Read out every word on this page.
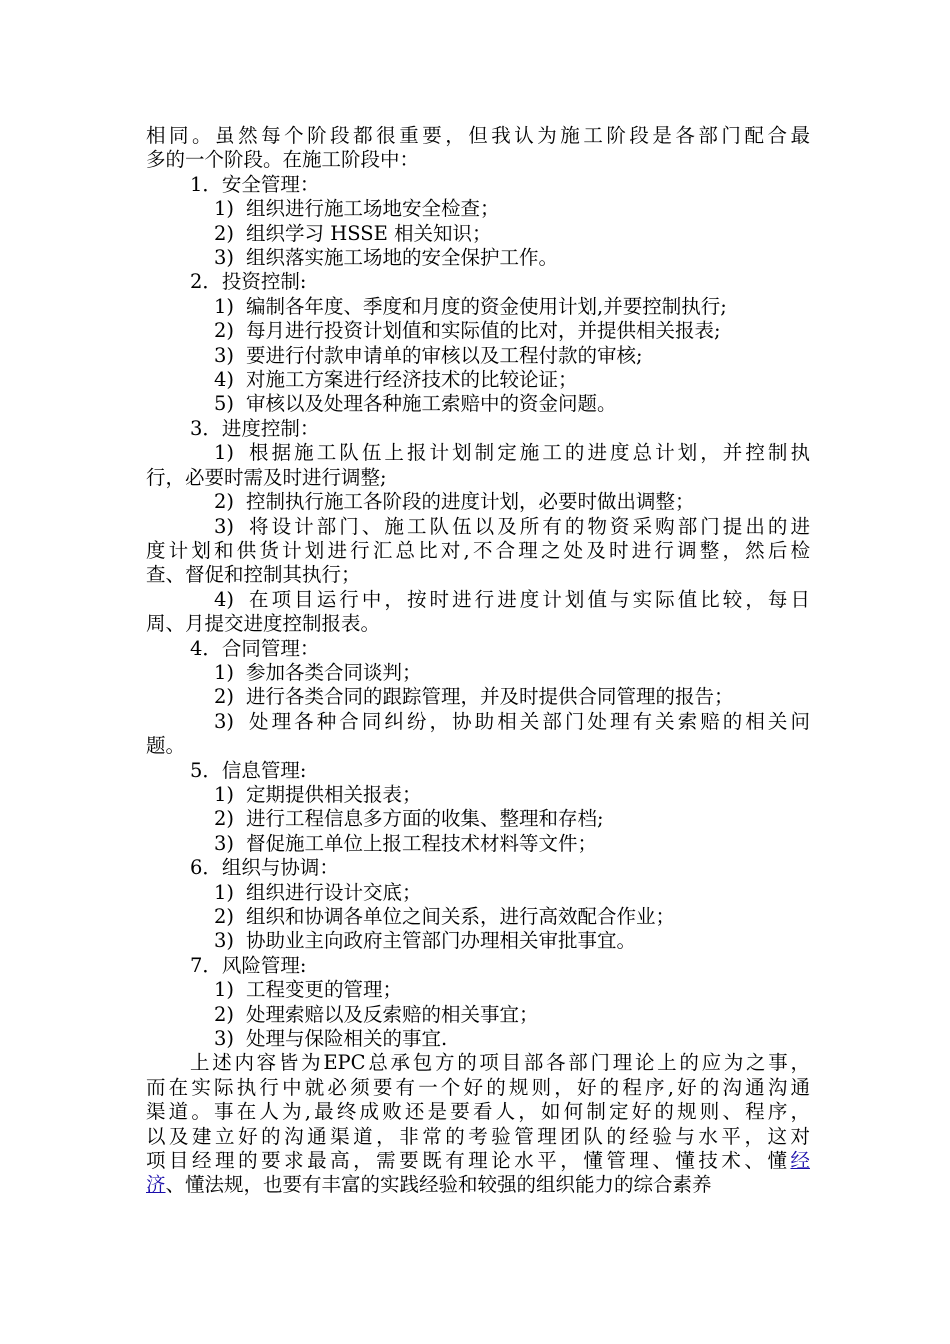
相同。虽然每个阶段都很重要，但我认为施工阶段是各部门配合最
多的一个阶段。在施工阶段中：
1．安全管理：
1) 组织进行施工场地安全检查；
2) 组织学习 HSSE 相关知识；
3) 组织落实施工场地的安全保护工作。
2．投资控制:
1) 编制各年度、季度和月度的资金使用计划,并要控制执行;
2) 每月进行投资计划值和实际值的比对，并提供相关报表;
3) 要进行付款申请单的审核以及工程付款的审核;
4) 对施工方案进行经济技术的比较论证；
5) 审核以及处理各种施工索赔中的资金问题。
3．进度控制：
1) 根据施工队伍上报计划制定施工的进度总计划，并控制执
行，必要时需及时进行调整;
2) 控制执行施工各阶段的进度计划，必要时做出调整；
3) 将设计部门、施工队伍以及所有的物资采购部门提出的进
度计划和供货计划进行汇总比对,不合理之处及时进行调整，然后检
查、督促和控制其执行；
4) 在项目运行中，按时进行进度计划值与实际值比较，每日
周、月提交进度控制报表。
4．合同管理：
1) 参加各类合同谈判；
2) 进行各类合同的跟踪管理，并及时提供合同管理的报告；
3) 处理各种合同纠纷，协助相关部门处理有关索赔的相关问
题。
5．信息管理:
1) 定期提供相关报表；
2) 进行工程信息多方面的收集、整理和存档;
3) 督促施工单位上报工程技术材料等文件；
6．组织与协调：
1) 组织进行设计交底；
2) 组织和协调各单位之间关系，进行高效配合作业；
3) 协助业主向政府主管部门办理相关审批事宜。
7．风险管理:
1) 工程变更的管理；
2) 处理索赔以及反索赔的相关事宜；
3) 处理与保险相关的事宜.
上述内容皆为EPC总承包方的项目部各部门理论上的应为之事，
而在实际执行中就必须要有一个好的规则，好的程序,好的沟通沟通
渠道。事在人为,最终成败还是要看人，如何制定好的规则、程序，
以及建立好的沟通渠道，非常的考验管理团队的经验与水平，这对
项目经理的要求最高，需要既有理论水平，懂管理、懂技术、懂经
济、懂法规，也要有丰富的实践经验和较强的组织能力的综合素养
